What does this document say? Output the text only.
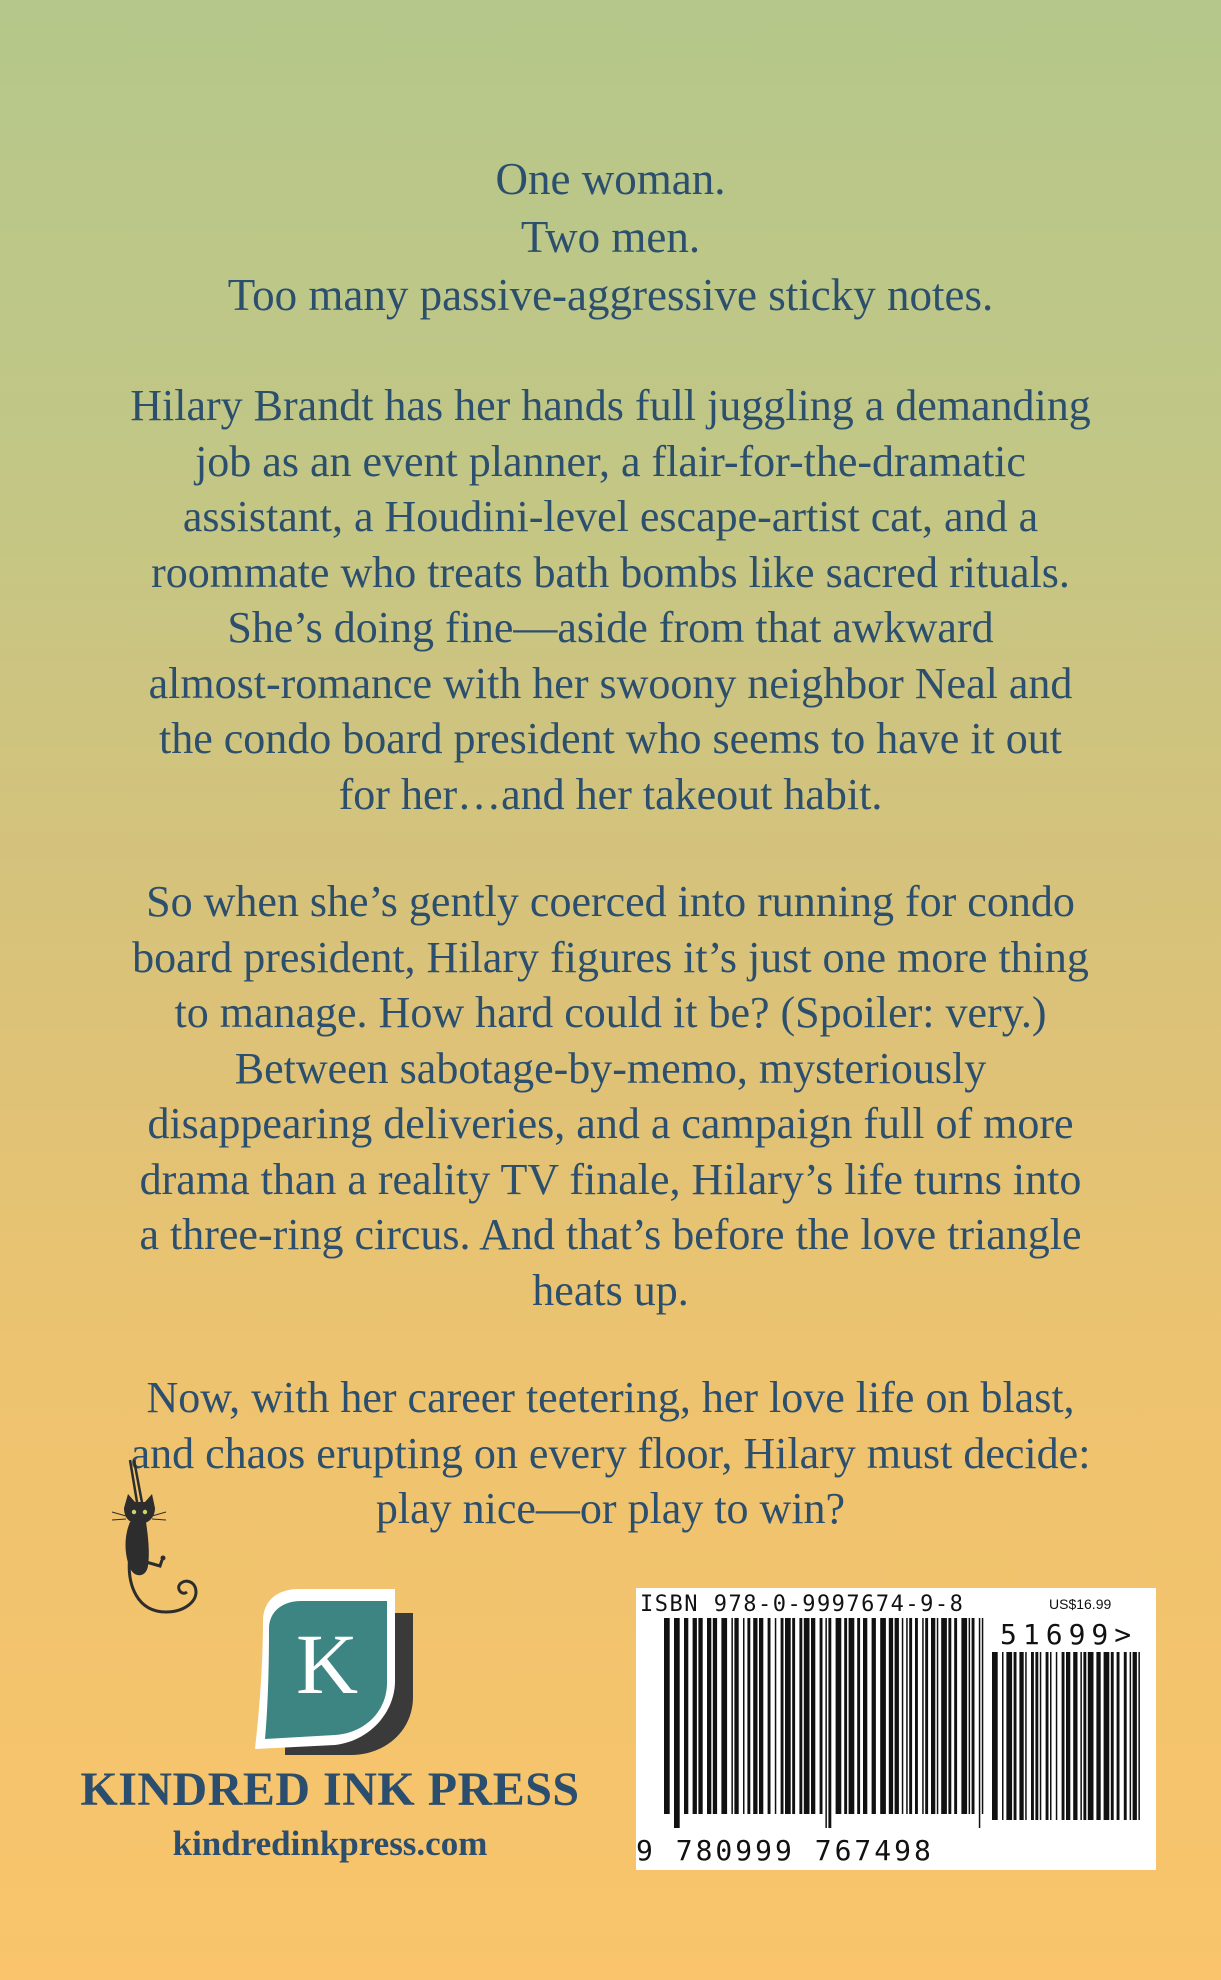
One woman.
Two men.
Too many passive-aggressive sticky notes.
Hilary Brandt has her hands full juggling a demanding
job as an event planner, a flair-for-the-dramatic
assistant, a Houdini-level escape-artist cat, and a
roommate who treats bath bombs like sacred rituals.
She’s doing fine—aside from that awkward
almost-romance with her swoony neighbor Neal and
the condo board president who seems to have it out
for her…and her takeout habit.
So when she’s gently coerced into running for condo
board president, Hilary figures it’s just one more thing
to manage. How hard could it be? (Spoiler: very.)
Between sabotage-by-memo, mysteriously
disappearing deliveries, and a campaign full of more
drama than a reality TV finale, Hilary’s life turns into
a three-ring circus. And that’s before the love triangle
heats up.
Now, with her career teetering, her love life on blast,
and chaos erupting on every floor, Hilary must decide:
play nice—or play to win?
K
KINDRED INK PRESS
kindredinkpress.com
ISBN 978-0-9997674-9-8	US$16.99
51699>
9 780999 767498
